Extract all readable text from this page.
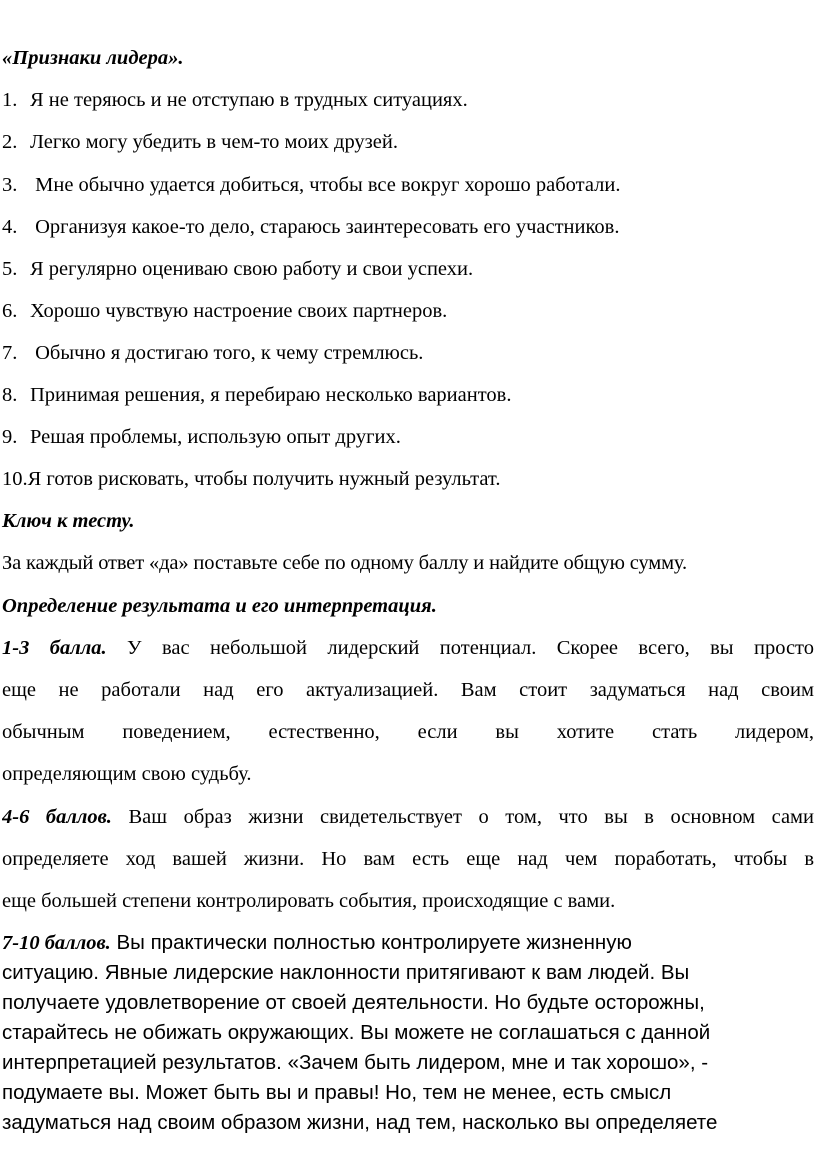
«Признаки лидера».
1. Я не теряюсь и не отступаю в трудных ситуациях.
2. Легко могу убедить в чем-то моих друзей.
3. Мне обычно удается добиться, чтобы все вокруг хорошо работали.
4. Организуя какое-то дело, стараюсь заинтересовать его участников.
5. Я регулярно оцениваю свою работу и свои успехи.
6. Хорошо чувствую настроение своих партнеров.
7. Обычно я достигаю того, к чему стремлюсь.
8. Принимая решения, я перебираю несколько вариантов.
9. Решая проблемы, использую опыт других.
10.Я готов рисковать, чтобы получить нужный результат.
Ключ к тесту.
За каждый ответ «да» поставьте себе по одному баллу и найдите общую сумму.
Определение результата и его интерпретация.
1-3 балла. У вас небольшой лидерский потенциал. Скорее всего, вы просто
еще не работали над его актуализацией. Вам стоит задуматься над своим
обычным поведением, естественно, если вы хотите стать лидером,
определяющим свою судьбу.
4-6 баллов. Ваш образ жизни свидетельствует о том, что вы в основном сами
определяете ход вашей жизни. Но вам есть еще над чем поработать, чтобы в
еще большей степени контролировать события, происходящие с вами.
7-10 баллов. Вы практически полностью контролируете жизненную
ситуацию. Явные лидерские наклонности притягивают к вам людей. Вы
получаете удовлетворение от своей деятельности. Но будьте осторожны,
старайтесь не обижать окружающих. Вы можете не соглашаться с данной
интерпретацией результатов. «Зачем быть лидером, мне и так хорошо», -
подумаете вы. Может быть вы и правы! Но, тем не менее, есть смысл
задуматься над своим образом жизни, над тем, насколько вы определяете
